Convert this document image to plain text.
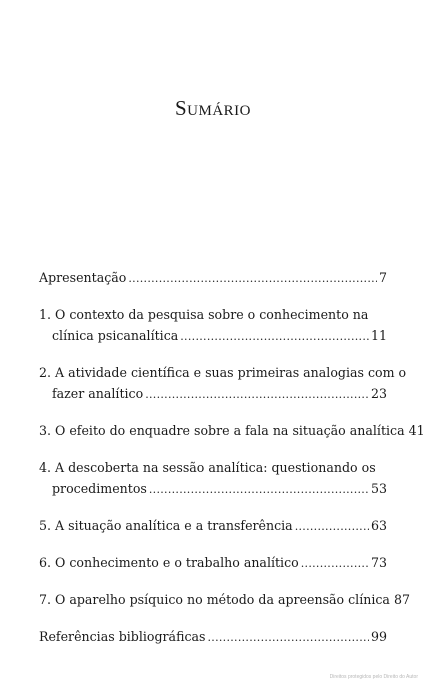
Sumário
Apresentação . . .	7
1. O contexto da pesquisa sobre o conhecimento na
clínica psicanalítica . . .	11
2. A atividade científica e suas primeiras analogias com o
fazer analítico . . .	23
3. O efeito do enquadre sobre a fala na situação analítica 41
4. A descoberta na sessão analítica: questionando os
procedimentos . . .	53
5. A situação analítica e a transferência . . .	63
6. O conhecimento e o trabalho analítico . . .	73
7. O aparelho psíquico no método da apreensão clínica 87
Referências bibliográficas . . .	99
Direitos protegidos pelo Direito do Autor
